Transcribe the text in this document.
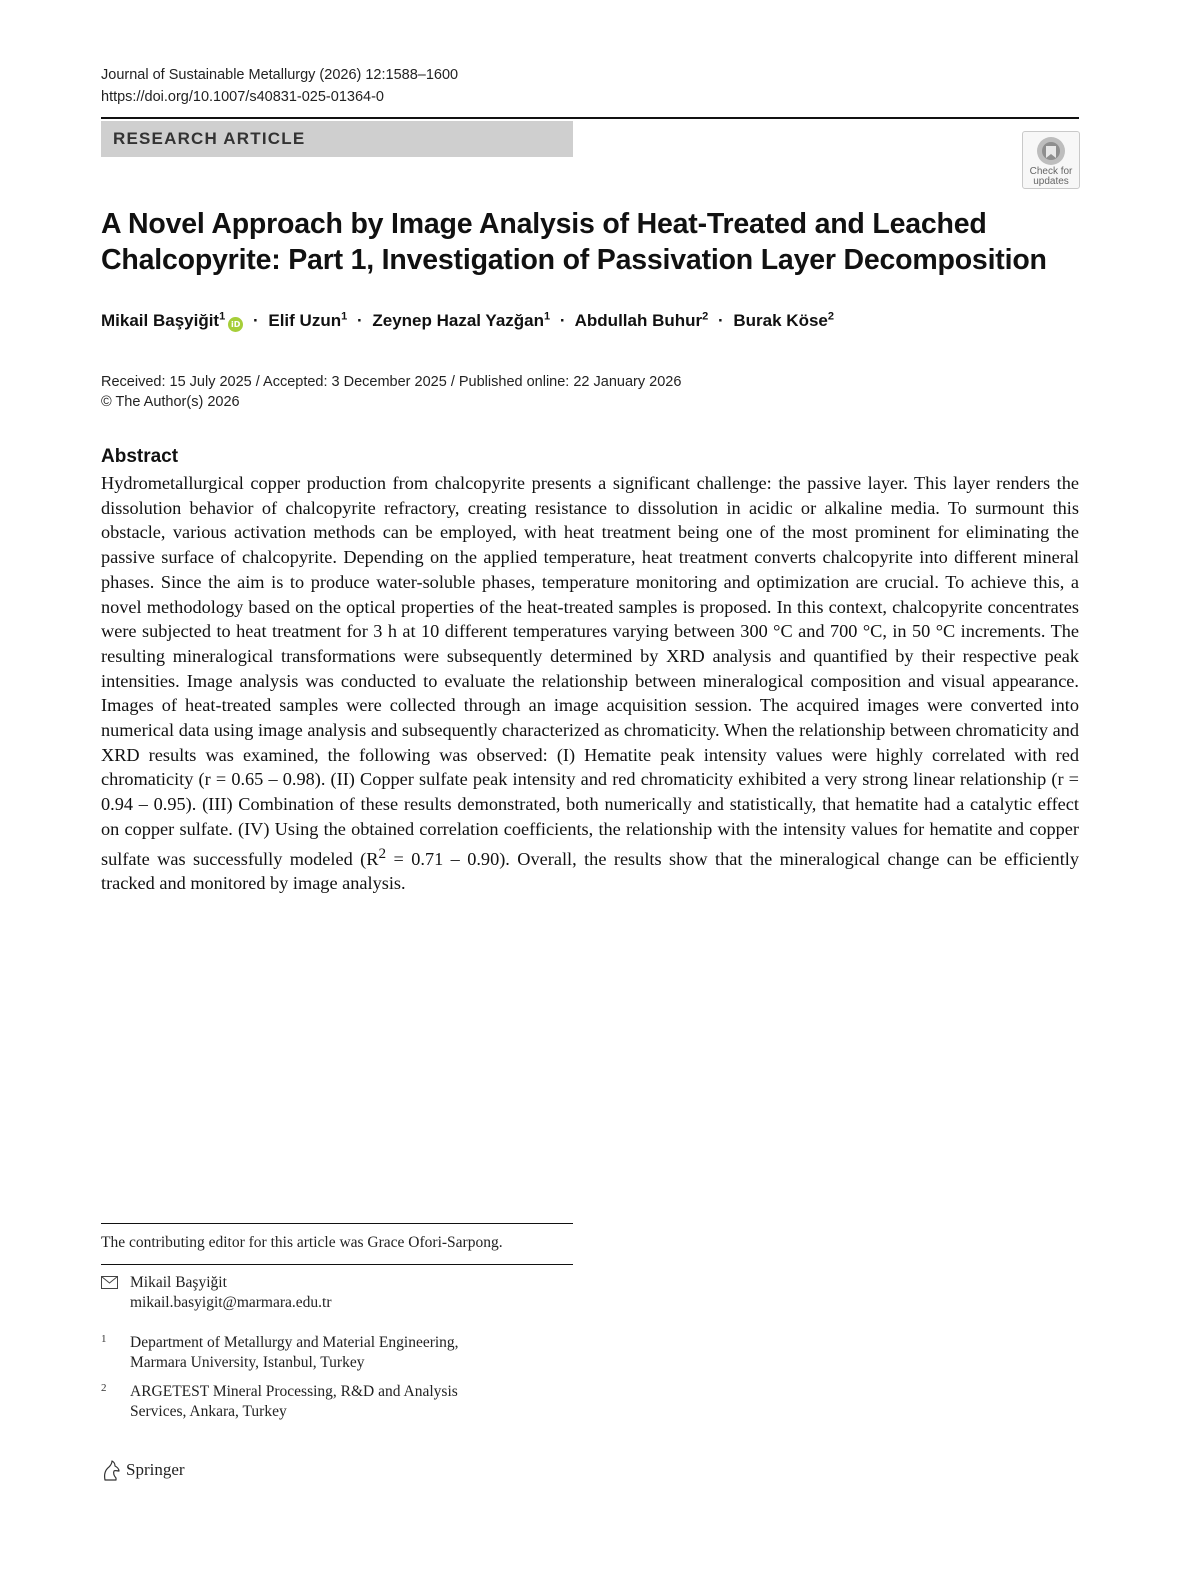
Journal of Sustainable Metallurgy (2026) 12:1588–1600
https://doi.org/10.1007/s40831-025-01364-0
RESEARCH ARTICLE
Check for updates
A Novel Approach by Image Analysis of Heat-Treated and Leached
Chalcopyrite: Part 1, Investigation of Passivation Layer Decomposition
Mikail Başyiğit$^1$iD · Elif Uzun$^1$ · Zeynep Hazal Yazğan$^1$ · Abdullah Buhur$^2$ · Burak Köse$^2$
Received: 15 July 2025 / Accepted: 3 December 2025 / Published online: 22 January 2026
© The Author(s) 2026
Abstract
Hydrometallurgical copper production from chalcopyrite presents a significant challenge: the passive layer. This layer renders the dissolution behavior of chalcopyrite refractory, creating resistance to dissolution in acidic or alkaline media. To surmount this obstacle, various activation methods can be employed, with heat treatment being one of the most prominent for eliminating the passive surface of chalcopyrite. Depending on the applied temperature, heat treatment converts chalcopyrite into different mineral phases. Since the aim is to produce water-soluble phases, temperature monitoring and optimization are crucial. To achieve this, a novel methodology based on the optical properties of the heat-treated samples is proposed. In this context, chalcopyrite concentrates were subjected to heat treatment for 3 h at 10 different temperatures varying between 300 °C and 700 °C, in 50 °C increments. The resulting mineralogical transformations were subsequently determined by XRD analysis and quantified by their respective peak intensities. Image analysis was conducted to evaluate the relationship between mineralogical composition and visual appearance. Images of heat-treated samples were collected through an image acquisition session. The acquired images were converted into numerical data using image analysis and subsequently characterized as chromaticity. When the relationship between chromaticity and XRD results was examined, the following was observed: (I) Hematite peak intensity values were highly correlated with red chromaticity (r = 0.65 – 0.98). (II) Copper sulfate peak intensity and red chromaticity exhibited a very strong linear relationship (r = 0.94 – 0.95). (III) Combination of these results demonstrated, both numerically and statistically, that hematite had a catalytic effect on copper sulfate. (IV) Using the obtained correlation coefficients, the relationship with the intensity values for hematite and copper sulfate was successfully modeled $(R^2 = 0.71 - 0.90)$. Overall, the results show that the mineralogical change can be efficiently tracked and monitored by image analysis.
The contributing editor for this article was Grace Ofori-Sarpong.
Mikail Başyiğit
mikail.basyigit@marmara.edu.tr
1 Department of Metallurgy and Material Engineering,
Marmara University, Istanbul, Turkey
2 ARGETEST Mineral Processing, R&D and Analysis
Services, Ankara, Turkey
Springer
